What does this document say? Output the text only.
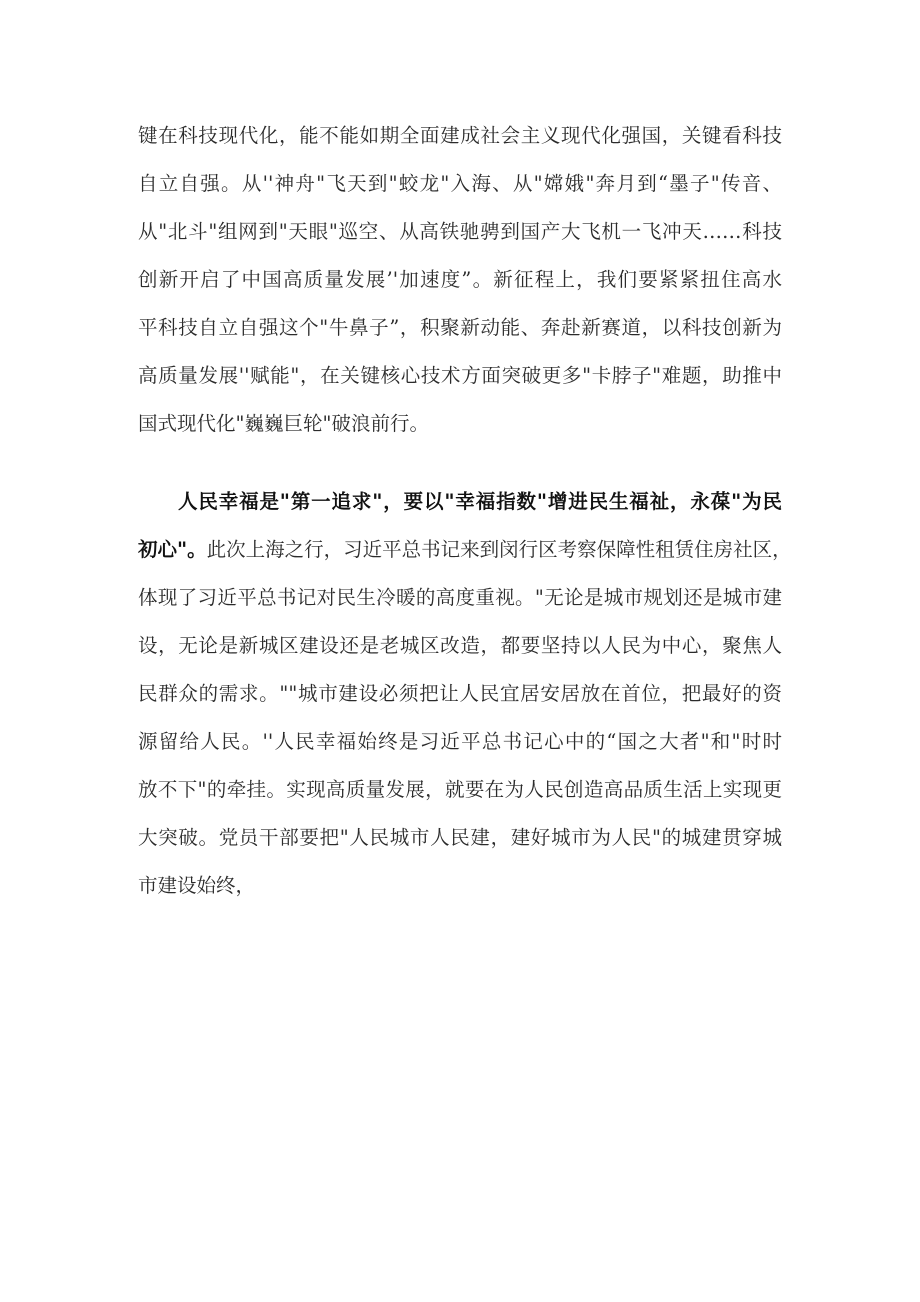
键在科技现代化，能不能如期全面建成社会主义现代化强国，关键看科技
自立自强。从''神舟"飞天到"蛟龙"入海、从"嫦娥"奔月到“墨子"传音、
从"北斗"组网到"天眼"巡空、从高铁驰骋到国产大飞机一飞冲天……科技
创新开启了中国高质量发展’'加速度”。新征程上，我们要紧紧扭住高水
平科技自立自强这个"牛鼻子”，积聚新动能、奔赴新赛道，以科技创新为
高质量发展''赋能"，在关键核心技术方面突破更多"卡脖子"难题，助推中
国式现代化"巍巍巨轮"破浪前行。
人民幸福是"第一追求"，要以"幸福指数"增进民生福祉，永葆"为民
初心"。此次上海之行，习近平总书记来到闵行区考察保障性租赁住房社区，
体现了习近平总书记对民生冷暖的高度重视。"无论是城市规划还是城市建
设，无论是新城区建设还是老城区改造，都要坚持以人民为中心，聚焦人
民群众的需求。""城市建设必须把让人民宜居安居放在首位，把最好的资
源留给人民。''人民幸福始终是习近平总书记心中的“国之大者"和"时时
放不下"的牵挂。实现高质量发展，就要在为人民创造高品质生活上实现更
大突破。党员干部要把"人民城市人民建，建好城市为人民"的城建贯穿城
市建设始终，
